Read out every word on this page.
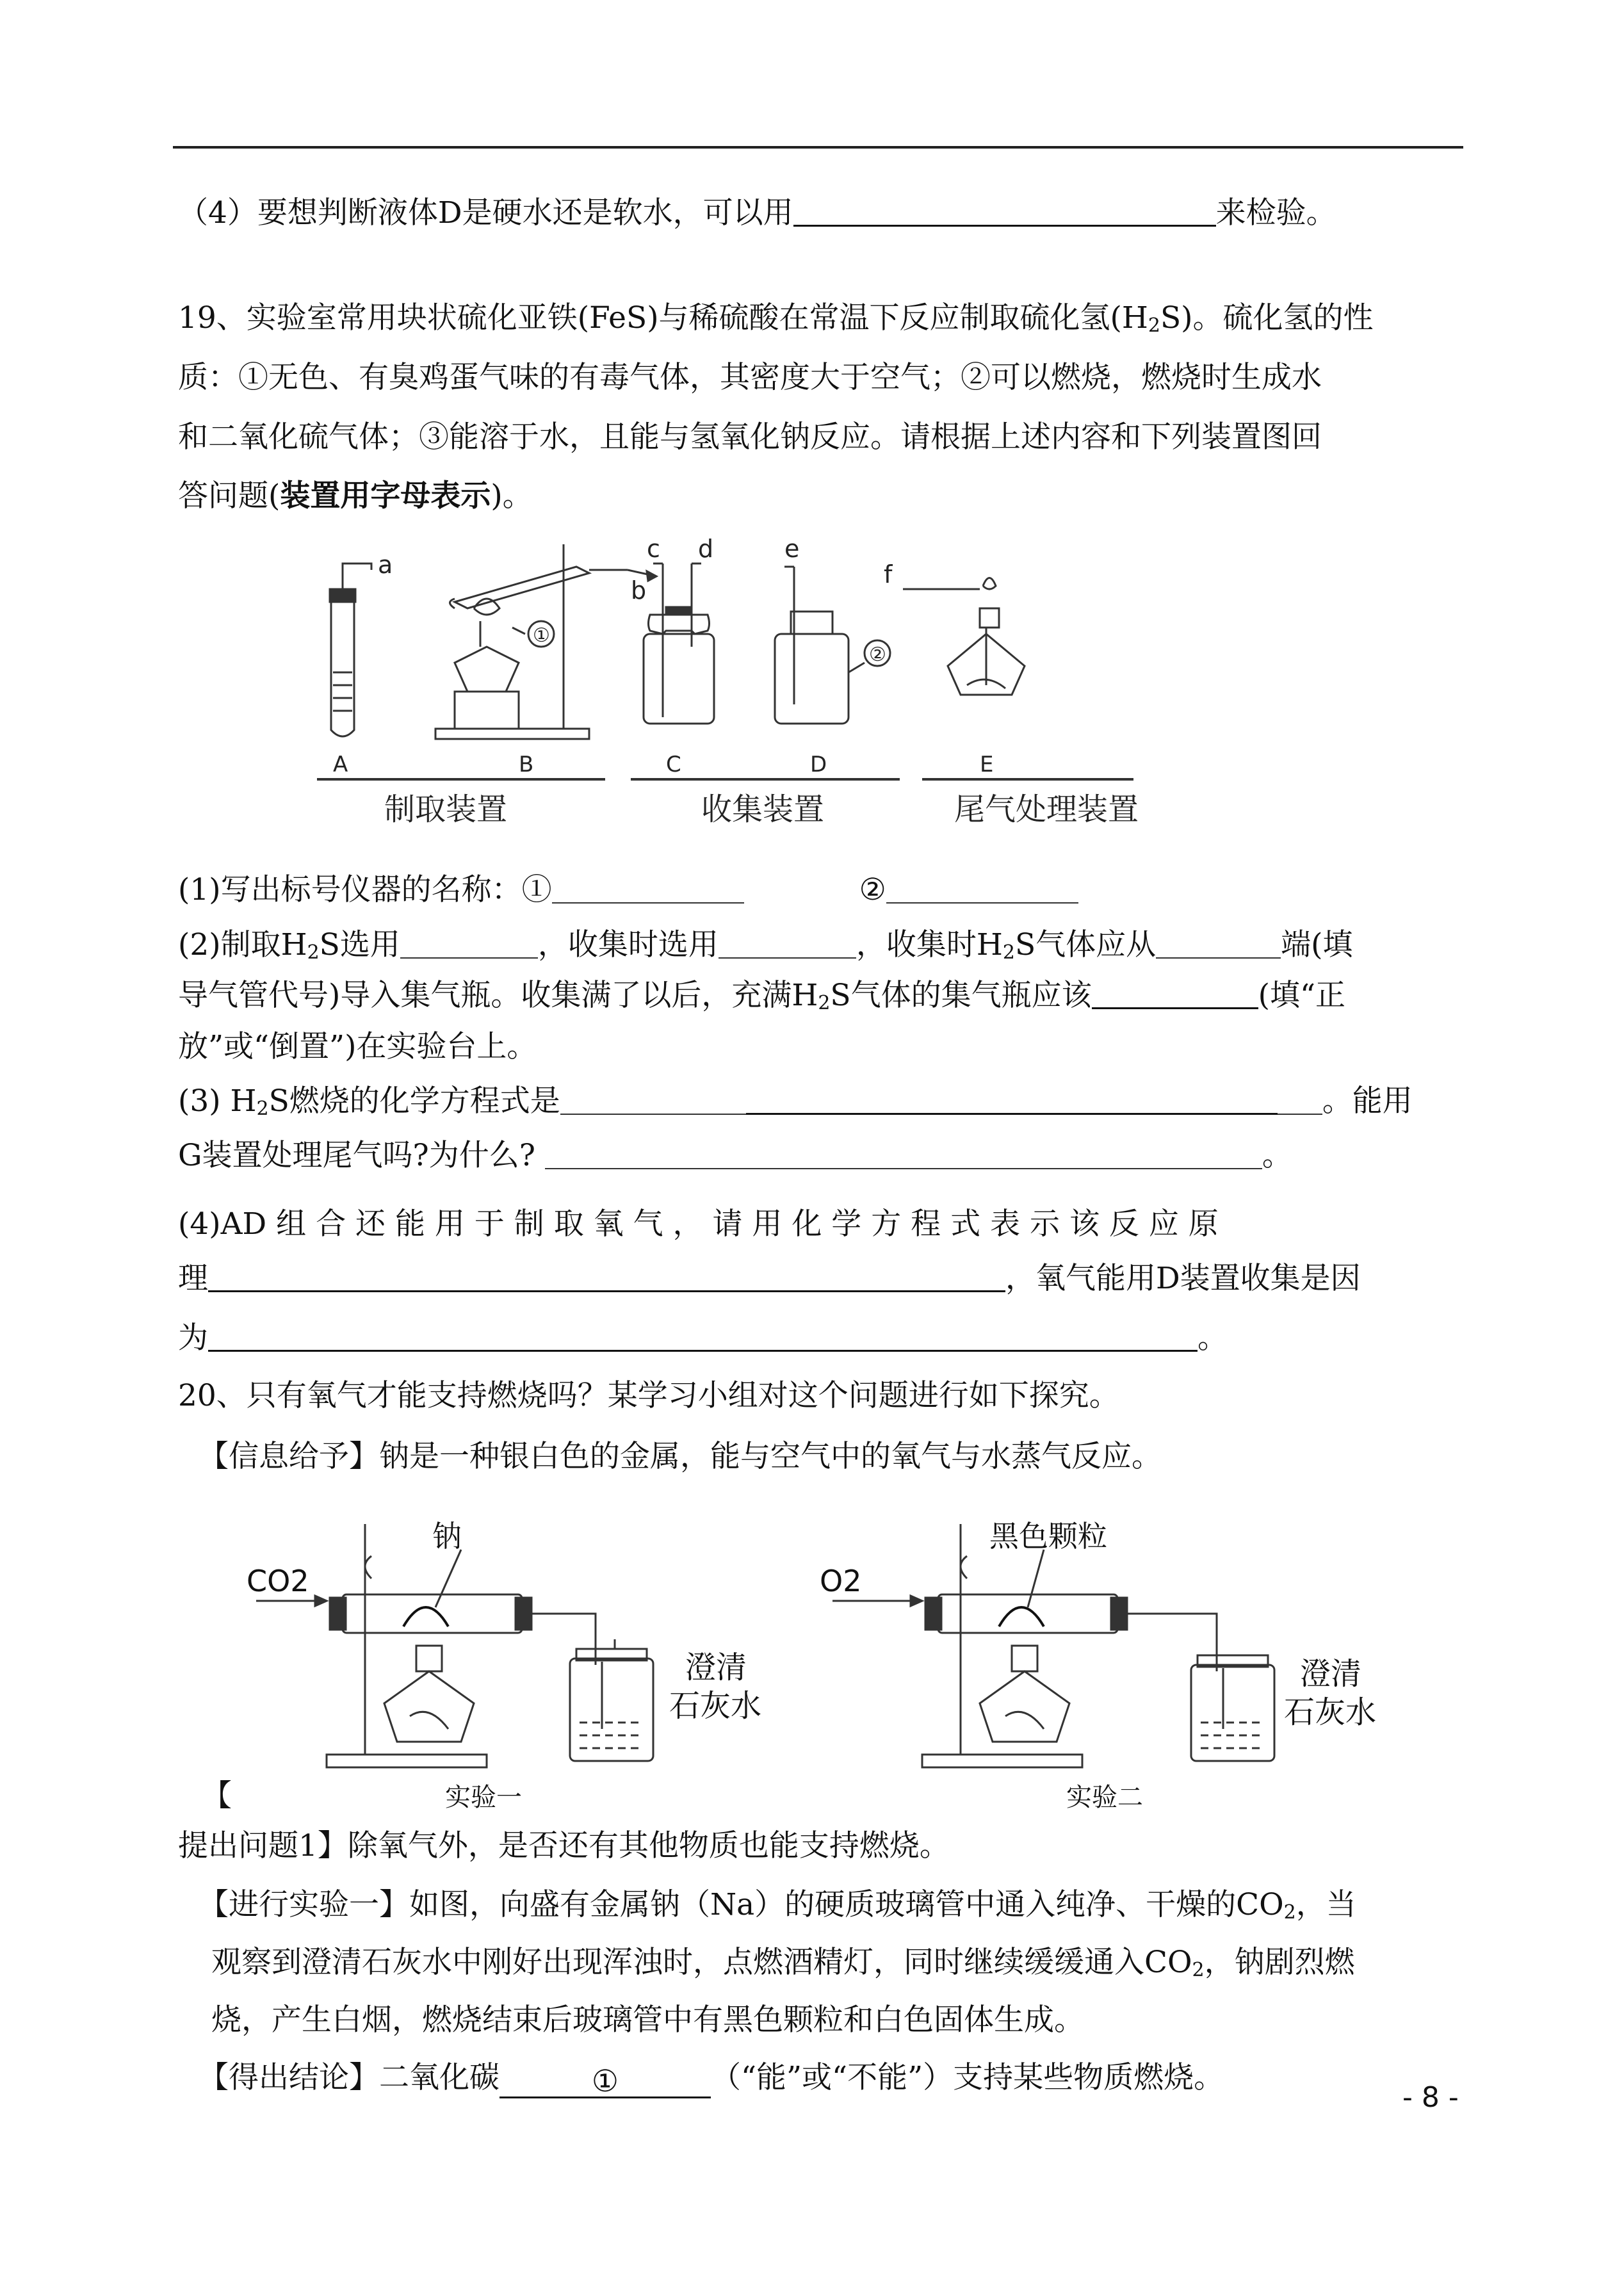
（4）要想判断液体D是硬水还是软水，可以用	来检验。
19、实验室常用块状硫化亚铁(FeS)与稀硫酸在常温下反应制取硫化氢$(H_2S)$。硫化氢的性
质：①无色、有臭鸡蛋气味的有毒气体，其密度大于空气；②可以燃烧，燃烧时生成水
和二氧化硫气体；③能溶于水，且能与氢氧化钠反应。请根据上述内容和下列装置图回
答问题(装置用字母表示)。
a
b
c d	e
f
①
②
A	B	C	D	E
制取装置	收集装置	尾气处理装置
(1)写出标号仪器的名称：①	②
(2)制取$H_2S$选用	，收集时选用	，收集时$H_2S$气体应从	端(填
导气管代号)导入集气瓶。收集满了以后，充满$H_2S$气体的集气瓶应该	(填“正
放”或“倒置”)在实验台上。
(3) $H_2S$燃烧的化学方程式是	。能用
G装置处理尾气吗?为什么?	。
(4)AD 组 合 还 能 用 于 制 取 氧 气 ， 请 用 化 学 方 程 式 表 示 该 反 应 原
理	，氧气能用D装置收集是因
为	。
20、只有氧气才能支持燃烧吗？某学习小组对这个问题进行如下探究。
【信息给予】钠是一种银白色的金属，能与空气中的氧气与水蒸气反应。
CO2
钠
澄清
石灰水
实验一
O2
黑色颗粒
澄清
石灰水
实验二
【
提出问题1】除氧气外，是否还有其他物质也能支持燃烧。
【进行实验一】如图，向盛有金属钠（Na）的硬质玻璃管中通入纯净、干燥的$CO_2$，当
观察到澄清石灰水中刚好出现浑浊时，点燃酒精灯，同时继续缓缓通入$CO_2$，钠剧烈燃
烧，产生白烟，燃烧结束后玻璃管中有黑色颗粒和白色固体生成。
【得出结论】二氧化碳	①	（“能”或“不能”）支持某些物质燃烧。
- 8 -
